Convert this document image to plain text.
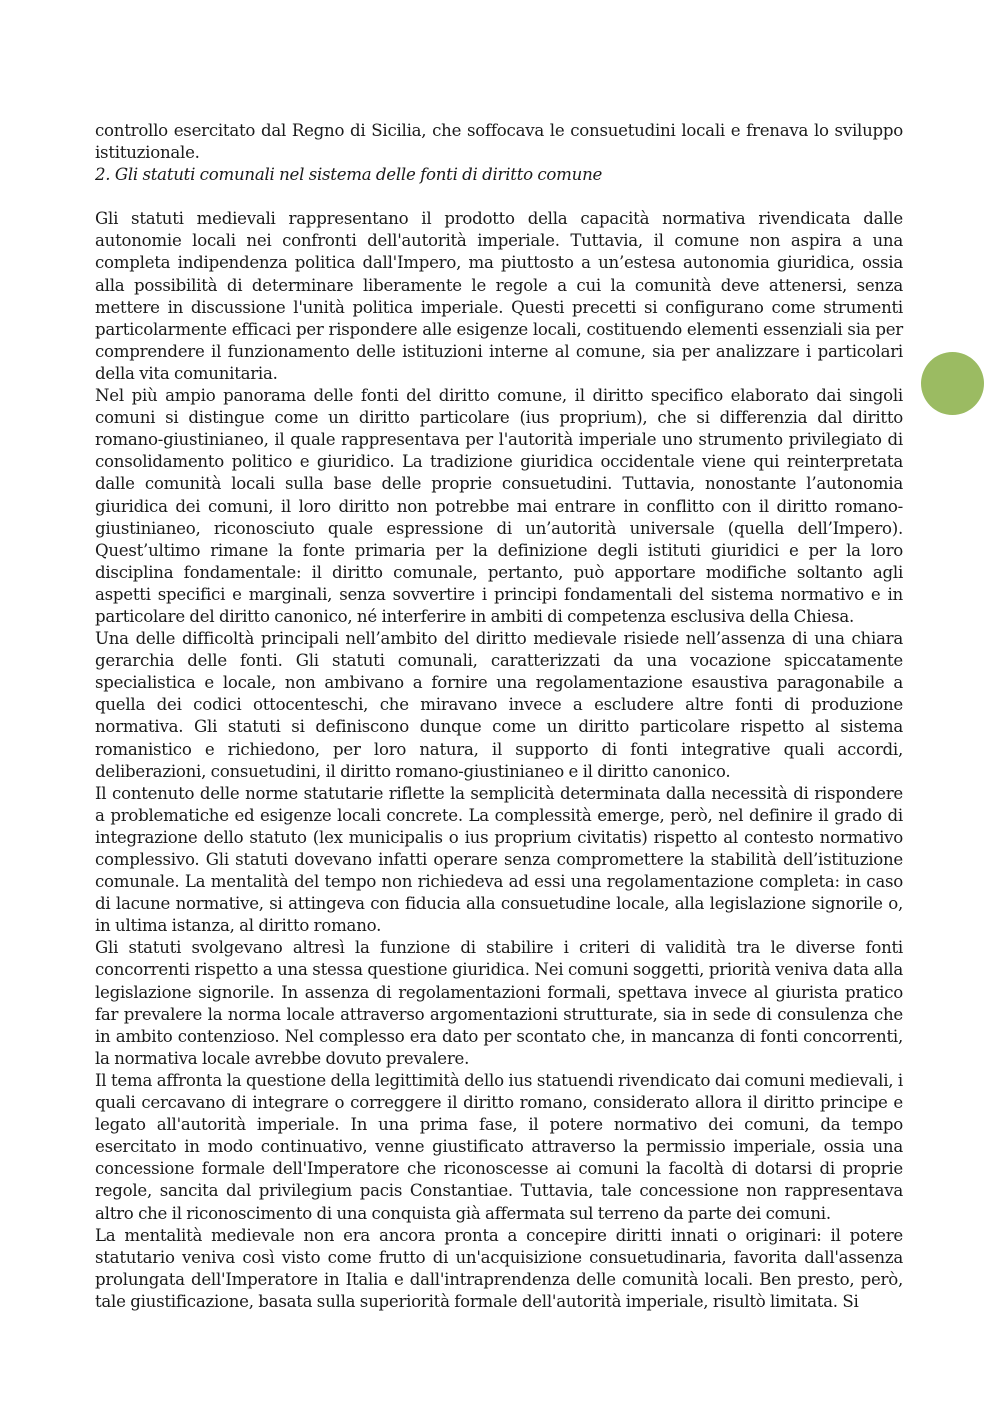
controllo esercitato dal Regno di Sicilia, che soffocava le consuetudini locali e frenava lo sviluppo istituzionale.

2. Gli statuti comunali nel sistema delle fonti di diritto comune

Gli statuti medievali rappresentano il prodotto della capacità normativa rivendicata dalle autonomie locali nei confronti dell'autorità imperiale. Tuttavia, il comune non aspira a una completa indipendenza politica dall'Impero, ma piuttosto a un’estesa autonomia giuridica, ossia alla possibilità di determinare liberamente le regole a cui la comunità deve attenersi, senza mettere in discussione l'unità politica imperiale. Questi precetti si configurano come strumenti particolarmente efficaci per rispondere alle esigenze locali, costituendo elementi essenziali sia per comprendere il funzionamento delle istituzioni interne al comune, sia per analizzare i particolari della vita comunitaria.

Nel più ampio panorama delle fonti del diritto comune, il diritto specifico elaborato dai singoli comuni si distingue come un diritto particolare (ius proprium), che si differenzia dal diritto romano-giustinianeo, il quale rappresentava per l'autorità imperiale uno strumento privilegiato di consolidamento politico e giuridico. La tradizione giuridica occidentale viene qui reinterpretata dalle comunità locali sulla base delle proprie consuetudini. Tuttavia, nonostante l’autonomia giuridica dei comuni, il loro diritto non potrebbe mai entrare in conflitto con il diritto romano-giustinianeo, riconosciuto quale espressione di un’autorità universale (quella dell’Impero). Quest’ultimo rimane la fonte primaria per la definizione degli istituti giuridici e per la loro disciplina fondamentale: il diritto comunale, pertanto, può apportare modifiche soltanto agli aspetti specifici e marginali, senza sovvertire i principi fondamentali del sistema normativo e in particolare del diritto canonico, né interferire in ambiti di competenza esclusiva della Chiesa.

Una delle difficoltà principali nell’ambito del diritto medievale risiede nell’assenza di una chiara gerarchia delle fonti. Gli statuti comunali, caratterizzati da una vocazione spiccatamente specialistica e locale, non ambivano a fornire una regolamentazione esaustiva paragonabile a quella dei codici ottocenteschi, che miravano invece a escludere altre fonti di produzione normativa. Gli statuti si definiscono dunque come un diritto particolare rispetto al sistema romanistico e richiedono, per loro natura, il supporto di fonti integrative quali accordi, deliberazioni, consuetudini, il diritto romano-giustinianeo e il diritto canonico.

Il contenuto delle norme statutarie riflette la semplicità determinata dalla necessità di rispondere a problematiche ed esigenze locali concrete. La complessità emerge, però, nel definire il grado di integrazione dello statuto (lex municipalis o ius proprium civitatis) rispetto al contesto normativo complessivo. Gli statuti dovevano infatti operare senza compromettere la stabilità dell’istituzione comunale. La mentalità del tempo non richiedeva ad essi una regolamentazione completa: in caso di lacune normative, si attingeva con fiducia alla consuetudine locale, alla legislazione signorile o, in ultima istanza, al diritto romano.

Gli statuti svolgevano altresì la funzione di stabilire i criteri di validità tra le diverse fonti concorrenti rispetto a una stessa questione giuridica. Nei comuni soggetti, priorità veniva data alla legislazione signorile. In assenza di regolamentazioni formali, spettava invece al giurista pratico far prevalere la norma locale attraverso argomentazioni strutturate, sia in sede di consulenza che in ambito contenzioso. Nel complesso era dato per scontato che, in mancanza di fonti concorrenti, la normativa locale avrebbe dovuto prevalere.

Il tema affronta la questione della legittimità dello ius statuendi rivendicato dai comuni medievali, i quali cercavano di integrare o correggere il diritto romano, considerato allora il diritto principe e legato all'autorità imperiale. In una prima fase, il potere normativo dei comuni, da tempo esercitato in modo continuativo, venne giustificato attraverso la permissio imperiale, ossia una concessione formale dell'Imperatore che riconoscesse ai comuni la facoltà di dotarsi di proprie regole, sancita dal privilegium pacis Constantiae. Tuttavia, tale concessione non rappresentava altro che il riconoscimento di una conquista già affermata sul terreno da parte dei comuni.

La mentalità medievale non era ancora pronta a concepire diritti innati o originari: il potere statutario veniva così visto come frutto di un'acquisizione consuetudinaria, favorita dall'assenza prolungata dell'Imperatore in Italia e dall'intraprendenza delle comunità locali. Ben presto, però, tale giustificazione, basata sulla superiorità formale dell'autorità imperiale, risultò limitata. Si
